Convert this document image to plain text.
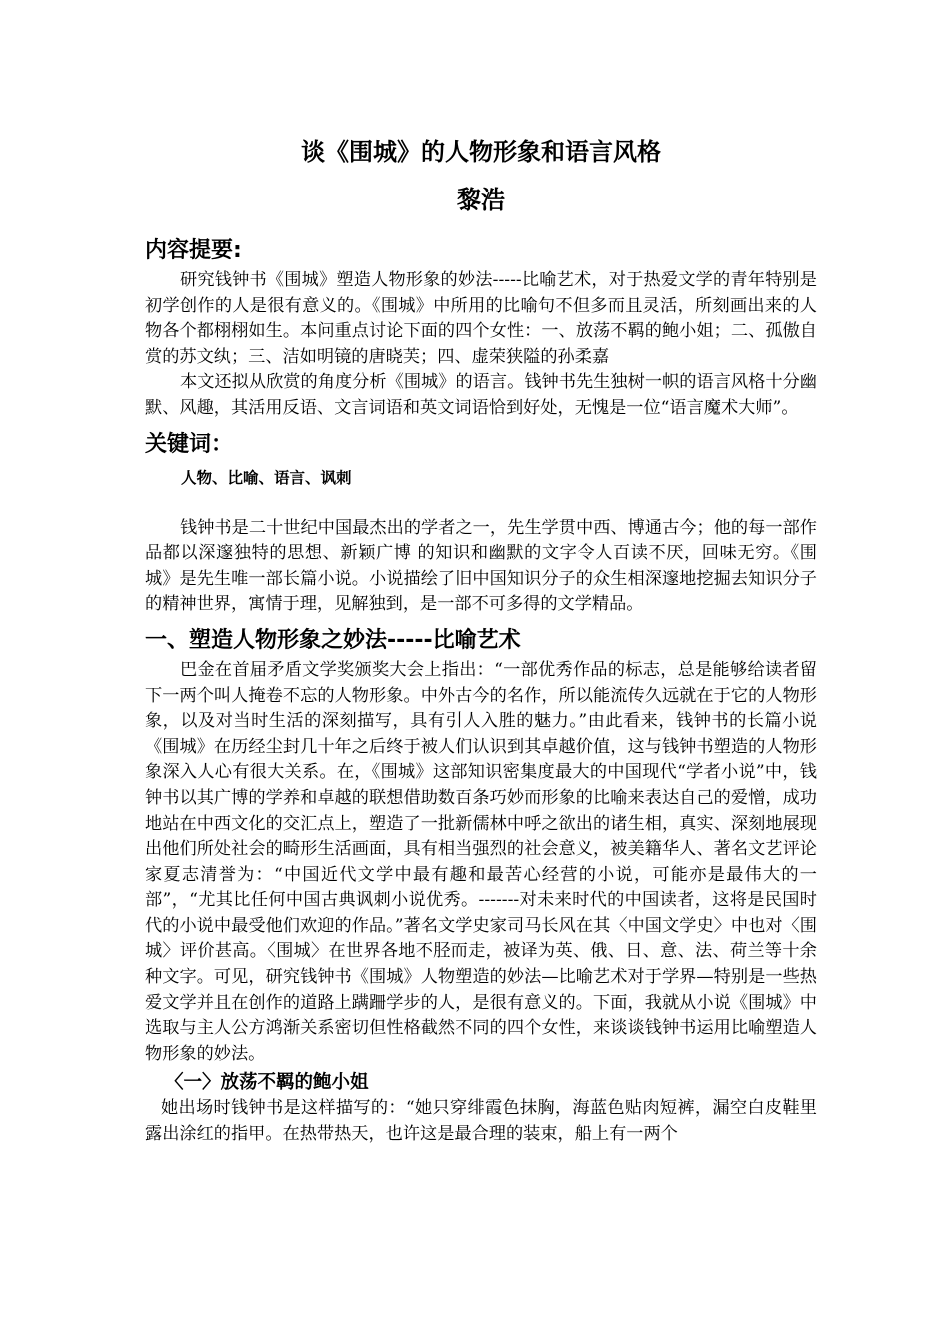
谈《围城》的人物形象和语言风格
黎浩
内容提要:

研究钱钟书《围城》塑造人物形象的妙法-----比喻艺术，对于热爱文学的青年特别是初学创作的人是很有意义的。《围城》中所用的比喻句不但多而且灵活，所刻画出来的人物各个都栩栩如生。本问重点讨论下面的四个女性：一、放荡不羁的鲍小姐；二、孤傲自赏的苏文纨；三、洁如明镜的唐晓芙；四、虚荣狭隘的孙柔嘉

本文还拟从欣赏的角度分析《围城》的语言。钱钟书先生独树一帜的语言风格十分幽默、风趣，其活用反语、文言词语和英文词语恰到好处，无愧是一位“语言魔术大师”。

关键词：
人物、比喻、语言、讽刺

钱钟书是二十世纪中国最杰出的学者之一，先生学贯中西、博通古今；他的每一部作品都以深邃独特的思想、新颖广博 的知识和幽默的文字令人百读不厌，回味无穷。《围城》是先生唯一部长篇小说。小说描绘了旧中国知识分子的众生相深邃地挖掘去知识分子的精神世界，寓情于理，见解独到，是一部不可多得的文学精品。

一、塑造人物形象之妙法-----比喻艺术

巴金在首届矛盾文学奖颁奖大会上指出：“一部优秀作品的标志，总是能够给读者留下一两个叫人掩卷不忘的人物形象。中外古今的名作，所以能流传久远就在于它的人物形象，以及对当时生活的深刻描写，具有引人入胜的魅力。”由此看来，钱钟书的长篇小说《围城》在历经尘封几十年之后终于被人们认识到其卓越价值，这与钱钟书塑造的人物形象深入人心有很大关系。在，《围城》这部知识密集度最大的中国现代“学者小说”中，钱钟书以其广博的学养和卓越的联想借助数百条巧妙而形象的比喻来表达自己的爱憎，成功地站在中西文化的交汇点上，塑造了一批新儒林中呼之欲出的诸生相，真实、深刻地展现出他们所处社会的畸形生活画面，具有相当强烈的社会意义，被美籍华人、著名文艺评论家夏志清誉为：“中国近代文学中最有趣和最苦心经营的小说，可能亦是最伟大的一部”，“尤其比任何中国古典讽刺小说优秀。-------对未来时代的中国读者，这将是民国时代的小说中最受他们欢迎的作品。”著名文学史家司马长风在其〈中国文学史〉中也对〈围城〉评价甚高。〈围城〉在世界各地不胫而走，被译为英、俄、日、意、法、荷兰等十余种文字。可见，研究钱钟书《围城》人物塑造的妙法—比喻艺术对于学界—特别是一些热爱文学并且在创作的道路上蹒跚学步的人，是很有意义的。下面，我就从小说《围城》中选取与主人公方鸿渐关系密切但性格截然不同的四个女性，来谈谈钱钟书运用比喻塑造人物形象的妙法。

〈一〉放荡不羁的鲍小姐

她出场时钱钟书是这样描写的：“她只穿绯霞色抹胸，海蓝色贴肉短裤，漏空白皮鞋里露出涂红的指甲。在热带热天，也许这是最合理的装束，船上有一两个
